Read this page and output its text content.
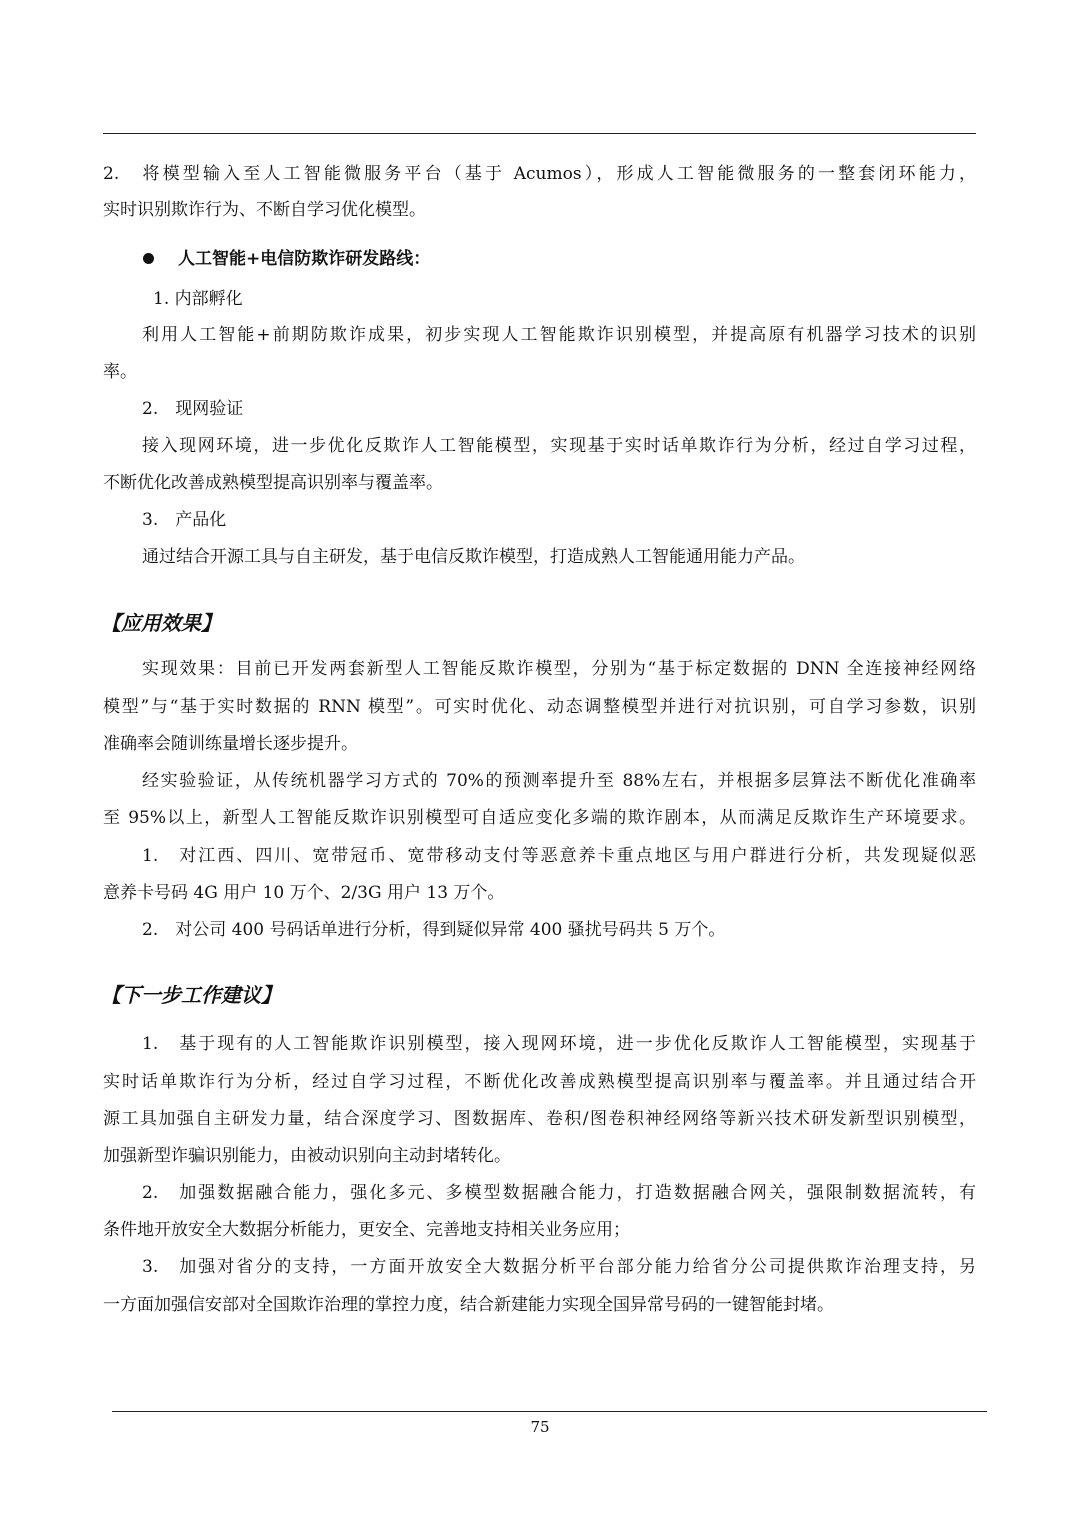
2.　将模型输入至人工智能微服务平台（基于 Acumos），形成人工智能微服务的一整套闭环能力，
实时识别欺诈行为、不断自学习优化模型。
人工智能+电信防欺诈研发路线：
1. 内部孵化
利用人工智能+前期防欺诈成果，初步实现人工智能欺诈识别模型，并提高原有机器学习技术的识别
率。
2.　现网验证
接入现网环境，进一步优化反欺诈人工智能模型，实现基于实时话单欺诈行为分析，经过自学习过程，
不断优化改善成熟模型提高识别率与覆盖率。
3.　产品化
通过结合开源工具与自主研发，基于电信反欺诈模型，打造成熟人工智能通用能力产品。
【应用效果】
实现效果：目前已开发两套新型人工智能反欺诈模型，分别为“基于标定数据的 DNN 全连接神经网络
模型”与“基于实时数据的 RNN 模型”。可实时优化、动态调整模型并进行对抗识别，可自学习参数，识别
准确率会随训练量增长逐步提升。
经实验验证，从传统机器学习方式的 70%的预测率提升至 88%左右，并根据多层算法不断优化准确率
至 95%以上，新型人工智能反欺诈识别模型可自适应变化多端的欺诈剧本，从而满足反欺诈生产环境要求。
1.　对江西、四川、宽带冠币、宽带移动支付等恶意养卡重点地区与用户群进行分析，共发现疑似恶
意养卡号码 4G 用户 10 万个、2/3G 用户 13 万个。
2.　对公司 400 号码话单进行分析，得到疑似异常 400 骚扰号码共 5 万个。
【下一步工作建议】
1.　基于现有的人工智能欺诈识别模型，接入现网环境，进一步优化反欺诈人工智能模型，实现基于
实时话单欺诈行为分析，经过自学习过程，不断优化改善成熟模型提高识别率与覆盖率。并且通过结合开
源工具加强自主研发力量，结合深度学习、图数据库、卷积/图卷积神经网络等新兴技术研发新型识别模型，
加强新型诈骗识别能力，由被动识别向主动封堵转化。
2.　加强数据融合能力，强化多元、多模型数据融合能力，打造数据融合网关，强限制数据流转，有
条件地开放安全大数据分析能力，更安全、完善地支持相关业务应用；
3.　加强对省分的支持，一方面开放安全大数据分析平台部分能力给省分公司提供欺诈治理支持，另
一方面加强信安部对全国欺诈治理的掌控力度，结合新建能力实现全国异常号码的一键智能封堵。
75
